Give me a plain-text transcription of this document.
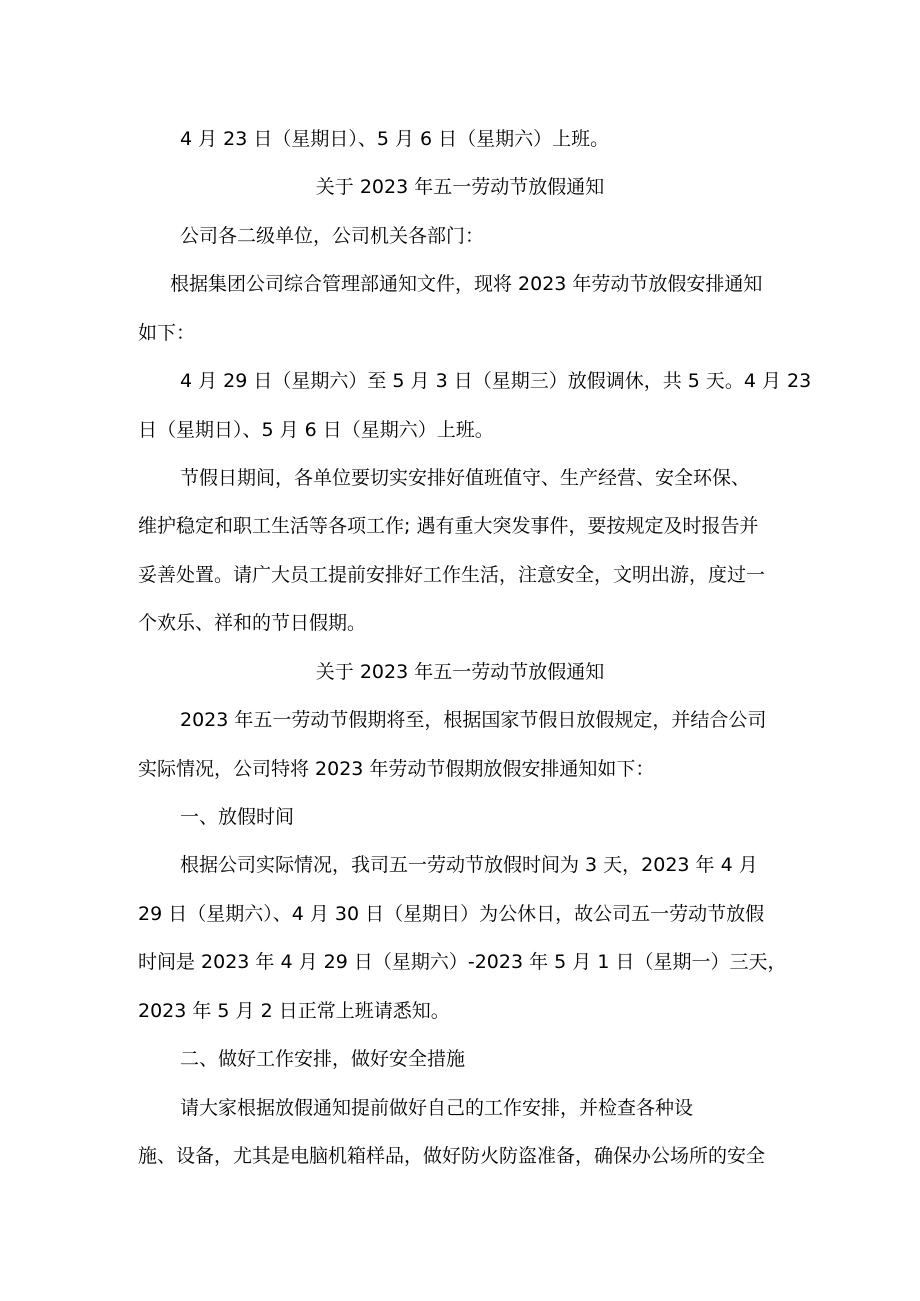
4 月 23 日（星期日）、5 月 6 日（星期六）上班。
关于 2023 年五一劳动节放假通知
公司各二级单位，公司机关各部门：
根据集团公司综合管理部通知文件，现将 2023 年劳动节放假安排通知
如下：
4 月 29 日（星期六）至 5 月 3 日（星期三）放假调休，共 5 天。4 月 23
日（星期日）、5 月 6 日（星期六）上班。
节假日期间，各单位要切实安排好值班值守、生产经营、安全环保、
维护稳定和职工生活等各项工作; 遇有重大突发事件，要按规定及时报告并
妥善处置。请广大员工提前安排好工作生活，注意安全，文明出游，度过一
个欢乐、祥和的节日假期。
关于 2023 年五一劳动节放假通知
2023 年五一劳动节假期将至，根据国家节假日放假规定，并结合公司
实际情况，公司特将 2023 年劳动节假期放假安排通知如下：
一、放假时间
根据公司实际情况，我司五一劳动节放假时间为 3 天，2023 年 4 月
29 日（星期六）、4 月 30 日（星期日）为公休日，故公司五一劳动节放假
时间是 2023 年 4 月 29 日（星期六）-2023 年 5 月 1 日（星期一）三天，
2023 年 5 月 2 日正常上班请悉知。
二、做好工作安排，做好安全措施
请大家根据放假通知提前做好自己的工作安排，并检查各种设
施、设备，尤其是电脑机箱样品，做好防火防盗准备，确保办公场所的安全
